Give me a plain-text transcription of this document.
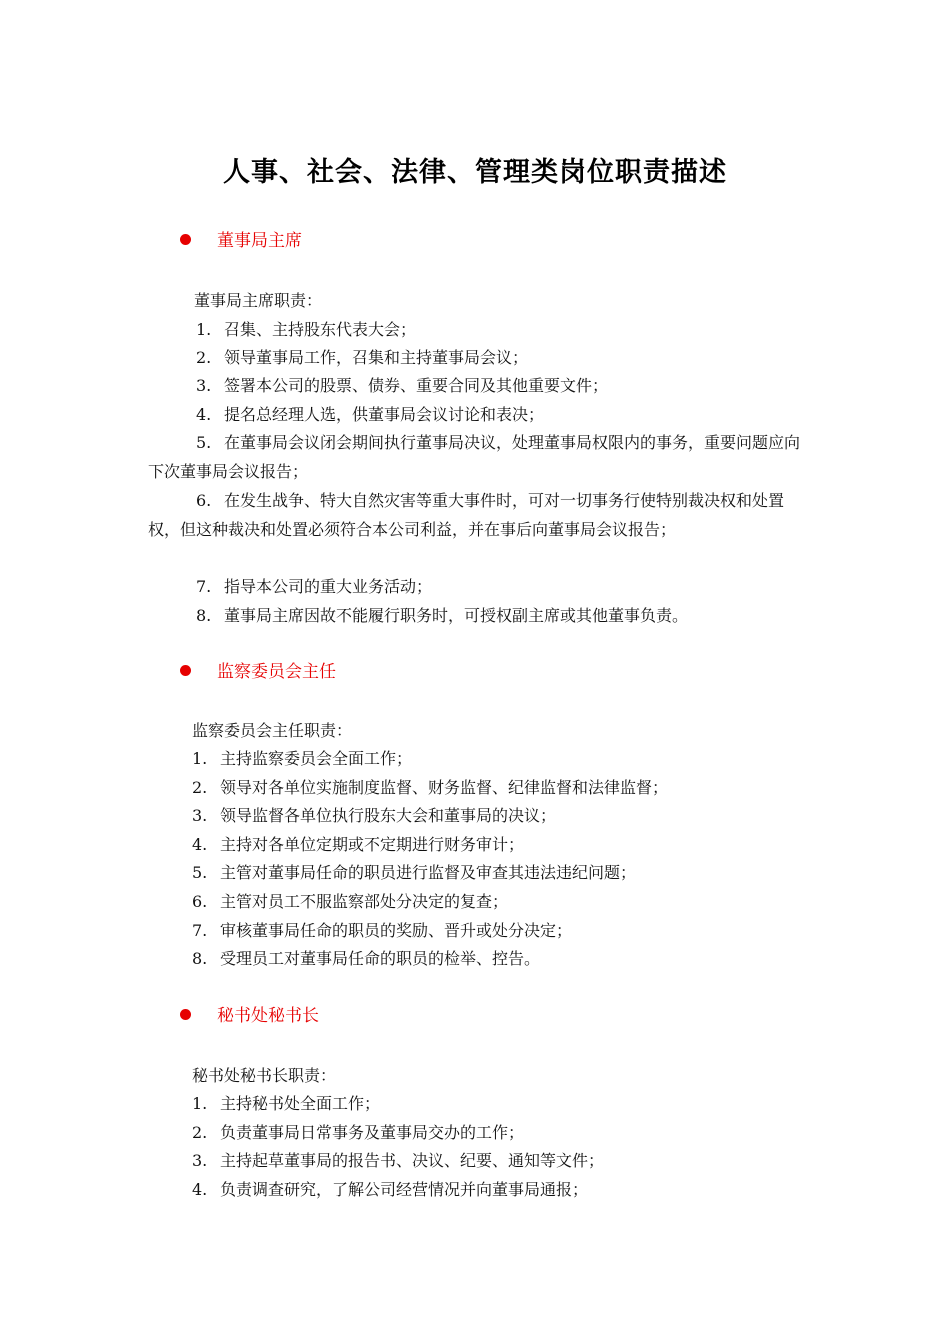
人事、社会、法律、管理类岗位职责描述
董事局主席
董事局主席职责：
1. 召集、主持股东代表大会；
2. 领导董事局工作，召集和主持董事局会议；
3. 签署本公司的股票、债券、重要合同及其他重要文件；
4. 提名总经理人选，供董事局会议讨论和表决；
5. 在董事局会议闭会期间执行董事局决议，处理董事局权限内的事务，重要问题应向下次董事局会议报告；
6. 在发生战争、特大自然灾害等重大事件时，可对一切事务行使特别裁决权和处置权，但这种裁决和处置必须符合本公司利益，并在事后向董事局会议报告；
7. 指导本公司的重大业务活动；
8. 董事局主席因故不能履行职务时，可授权副主席或其他董事负责。
监察委员会主任
监察委员会主任职责：
1. 主持监察委员会全面工作；
2. 领导对各单位实施制度监督、财务监督、纪律监督和法律监督；
3. 领导监督各单位执行股东大会和董事局的决议；
4. 主持对各单位定期或不定期进行财务审计；
5. 主管对董事局任命的职员进行监督及审查其违法违纪问题；
6. 主管对员工不服监察部处分决定的复查；
7. 审核董事局任命的职员的奖励、晋升或处分决定；
8. 受理员工对董事局任命的职员的检举、控告。
秘书处秘书长
秘书处秘书长职责：
1. 主持秘书处全面工作；
2. 负责董事局日常事务及董事局交办的工作；
3. 主持起草董事局的报告书、决议、纪要、通知等文件；
4. 负责调查研究，了解公司经营情况并向董事局通报；
